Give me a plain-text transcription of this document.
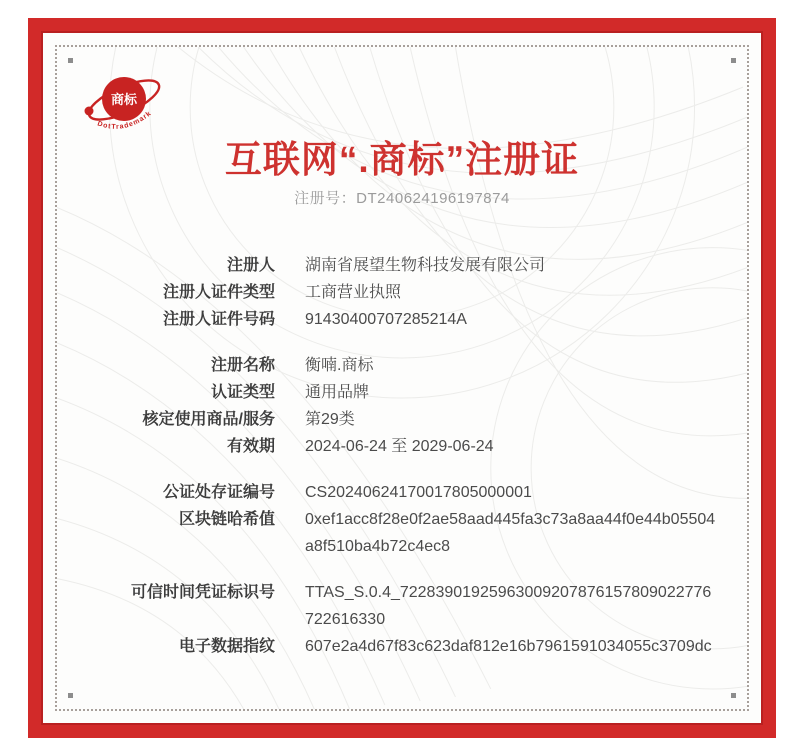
商标
DotTrademark
互联网“.商标”注册证
注册号：DT240624196197874
注册人 湖南省展望生物科技发展有限公司
注册人证件类型 工商营业执照
注册人证件号码 91430400707285214A
注册名称 衡喃.商标
认证类型 通用品牌
核定使用商品/服务 第29类
有效期 2024-06-24 至 2029-06-24
公证处存证编号 CS20240624170017805000001
区块链哈希值 0xef1acc8f28e0f2ae58aad445fa3c73a8aa44f0e44b05504a8f510ba4b72c4ec8
可信时间凭证标识号 TTAS_S.0.4_72283901925963009207876157809022776722616330
电子数据指纹 607e2a4d67f83c623daf812e16b7961591034055c3709dc
